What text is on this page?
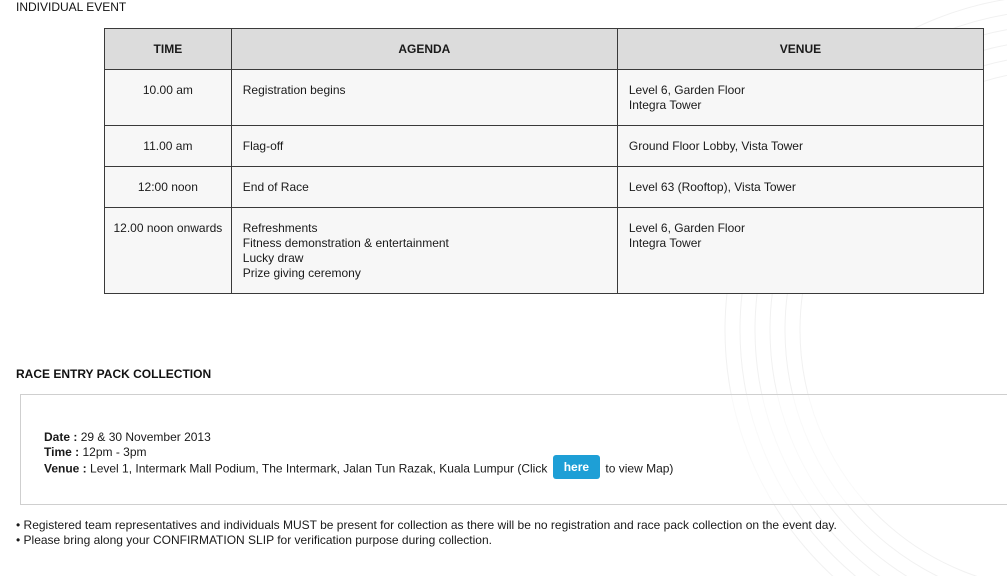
INDIVIDUAL EVENT
TIME	AGENDA	VENUE
10.00 am	Registration begins	Level 6, Garden Floor
Integra Tower

11.00 am	Flag-off	Ground Floor Lobby, Vista Tower

12:00 noon	End of Race	Level 63 (Rooftop), Vista Tower

12.00 noon onwards	Refreshments
Fitness demonstration & entertainment
Lucky draw
Prize giving ceremony	Level 6, Garden Floor
Integra Tower
RACE ENTRY PACK COLLECTION
Date : 29 & 30 November 2013
Time : 12pm - 3pm
Venue : Level 1, Intermark Mall Podium, The Intermark, Jalan Tun Razak, Kuala Lumpur (Click here to view Map)
• Registered team representatives and individuals MUST be present for collection as there will be no registration and race pack collection on the event day.
• Please bring along your CONFIRMATION SLIP for verification purpose during collection.
